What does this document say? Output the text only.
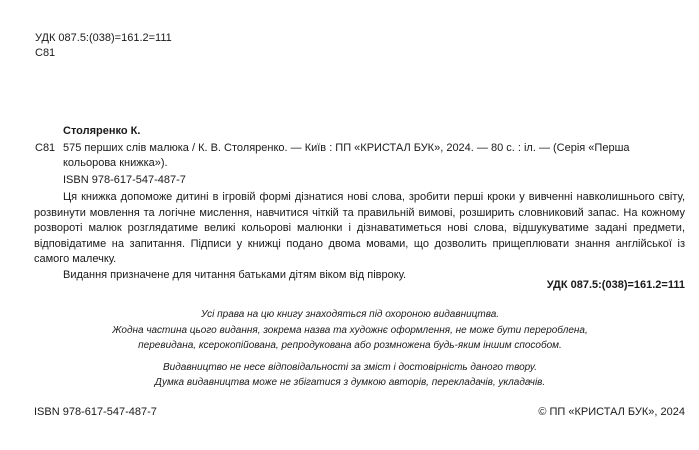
УДК 087.5:(038)=161.2=111
С81
Столяренко К.
С81 575 перших слів малюка / К. В. Столяренко. — Київ : ПП «КРИСТАЛ БУК», 2024. — 80 с. : іл. — (Серія «Перша кольорова книжка»).
ISBN 978-617-547-487-7

Ця книжка допоможе дитині в ігровій формі дізнатися нові слова, зробити перші кроки у вивченні навколишнього світу, розвинути мовлення та логічне мислення, навчитися чіткій та правильній вимові, розширить словниковий запас. На кожному розвороті малюк розглядатиме великі кольорові малюнки і дізнаватиметься нові слова, відшукуватиме задані предмети, відповідатиме на запитання. Підписи у книжці подано двома мовами, що дозволить прищеплювати знання англійської із самого малечку.

Видання призначене для читання батьками дітям віком від півроку.

УДК 087.5:(038)=161.2=111

Усі права на цю книгу знаходяться під охороною видавництва.

Жодна частина цього видання, зокрема назва та художнє оформлення, не може бути перероблена,

перевидана, ксерокопійована, репродукована або розмножена будь-яким іншим способом.

Видавництво не несе відповідальності за зміст і достовірність даного твору.

Думка видавництва може не збігатися з думкою авторів, перекладачів, укладачів.

ISBN 978-617-547-487-7	© ПП «КРИСТАЛ БУК», 2024
